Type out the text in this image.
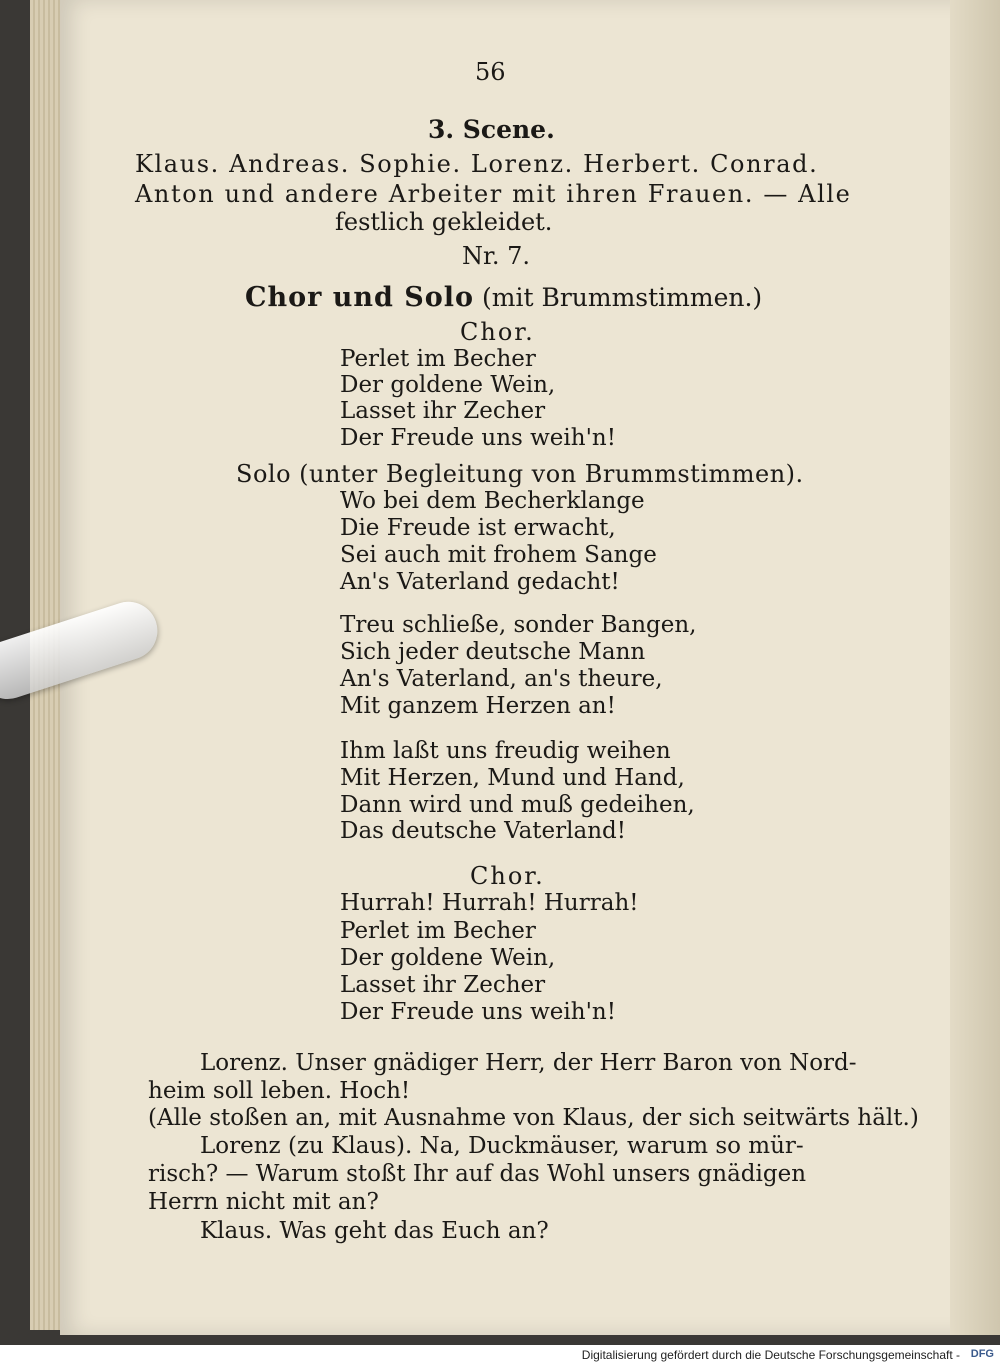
56
3. Scene.
Klaus. Andreas. Sophie. Lorenz. Herbert. Conrad.
Anton und andere Arbeiter mit ihren Frauen. — Alle
festlich gekleidet.
Nr. 7.
Chor und Solo (mit Brummstimmen.)
Chor.
Perlet im Becher
Der goldene Wein,
Lasset ihr Zecher
Der Freude uns weih'n!
Solo (unter Begleitung von Brummstimmen).
Wo bei dem Becherklange
Die Freude ist erwacht,
Sei auch mit frohem Sange
An's Vaterland gedacht!
Treu schließe, sonder Bangen,
Sich jeder deutsche Mann
An's Vaterland, an's theure,
Mit ganzem Herzen an!
Ihm laßt uns freudig weihen
Mit Herzen, Mund und Hand,
Dann wird und muß gedeihen,
Das deutsche Vaterland!
Chor.
Hurrah! Hurrah! Hurrah!
Perlet im Becher
Der goldene Wein,
Lasset ihr Zecher
Der Freude uns weih'n!
Lorenz. Unser gnädiger Herr, der Herr Baron von Nord-
heim soll leben. Hoch!
(Alle stoßen an, mit Ausnahme von Klaus, der sich seitwärts hält.)
Lorenz (zu Klaus). Na, Duckmäuser, warum so mür-
risch? — Warum stoßt Ihr auf das Wohl unsers gnädigen
Herrn nicht mit an?
Klaus. Was geht das Euch an?
Digitalisierung gefördert durch die Deutsche Forschungsgemeinschaft - DFG
